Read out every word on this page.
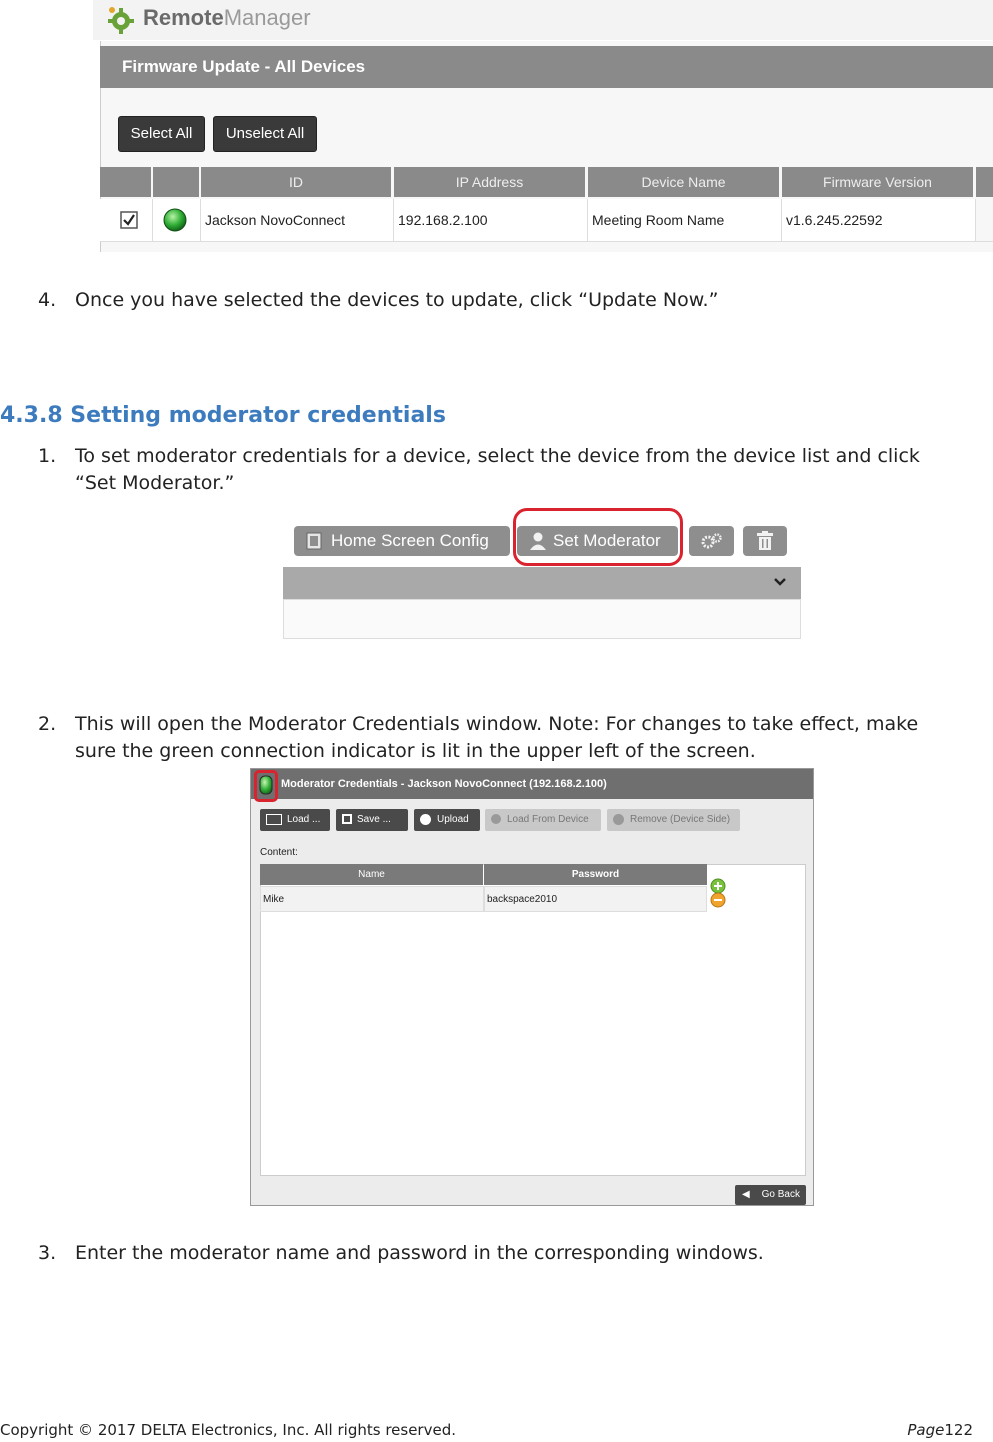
RemoteManager
Firmware Update - All Devices
Select All	Unselect All
ID	IP Address	Device Name	Firmware Version
Jackson NovoConnect	192.168.2.100	Meeting Room Name	v1.6.245.22592
4. Once you have selected the devices to update, click “Update Now.”
4.3.8 Setting moderator credentials
1. To set moderator credentials for a device, select the device from the device list and click
“Set Moderator.”
Home Screen Config	Set Moderator
2. This will open the Moderator Credentials window. Note: For changes to take effect, make
sure the green connection indicator is lit in the upper left of the screen.
Moderator Credentials - Jackson NovoConnect (192.168.2.100)
Load ...	Save ...	Upload	Load From Device	Remove (Device Side)
Content:
Name	Password
Mike	backspace2010
◀ Go Back
3. Enter the moderator name and password in the corresponding windows.
Copyright © 2017 DELTA Electronics, Inc. All rights reserved.	Page122
